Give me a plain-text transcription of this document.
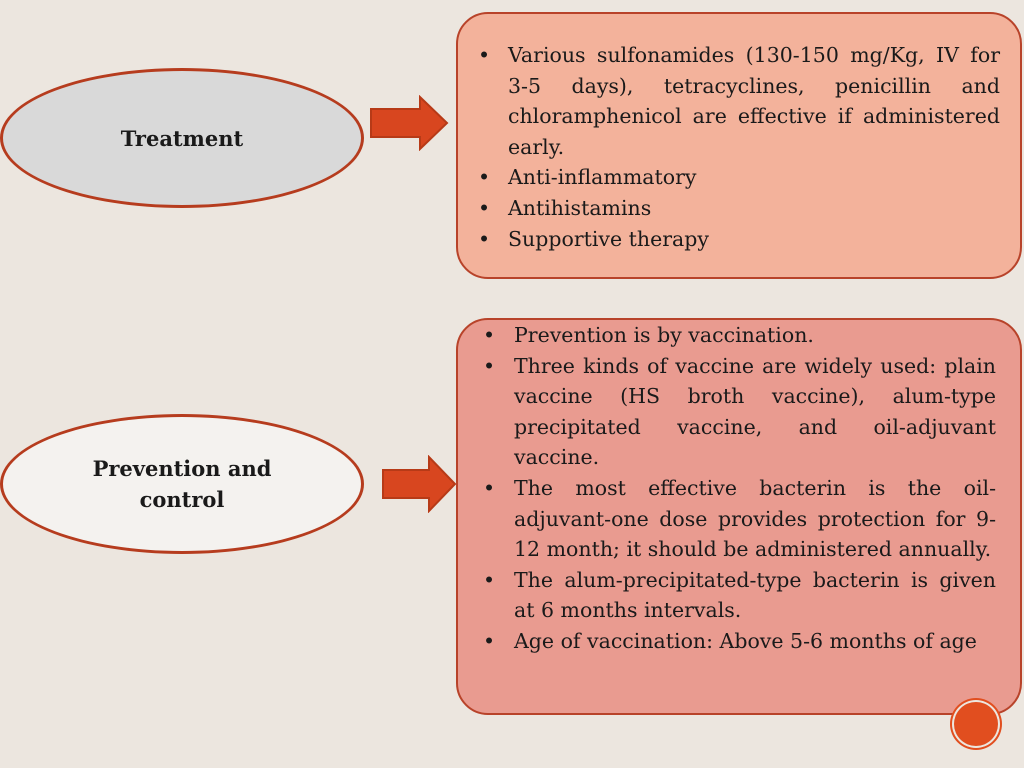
Treatment
• Various sulfonamides (130-150 mg/Kg, IV for 3-5 days), tetracyclines, penicillin and chloramphenicol are effective if administered early.
• Anti-inflammatory
• Antihistamins
• Supportive therapy
Prevention and control
• Prevention is by vaccination.
• Three kinds of vaccine are widely used: plain vaccine (HS broth vaccine), alum-type precipitated vaccine, and oil-adjuvant vaccine.
• The most effective bacterin is the oil-adjuvant-one dose provides protection for 9-12 month; it should be administered annually.
• The alum-precipitated-type bacterin is given at 6 months intervals.
• Age of vaccination: Above 5-6 months of age
